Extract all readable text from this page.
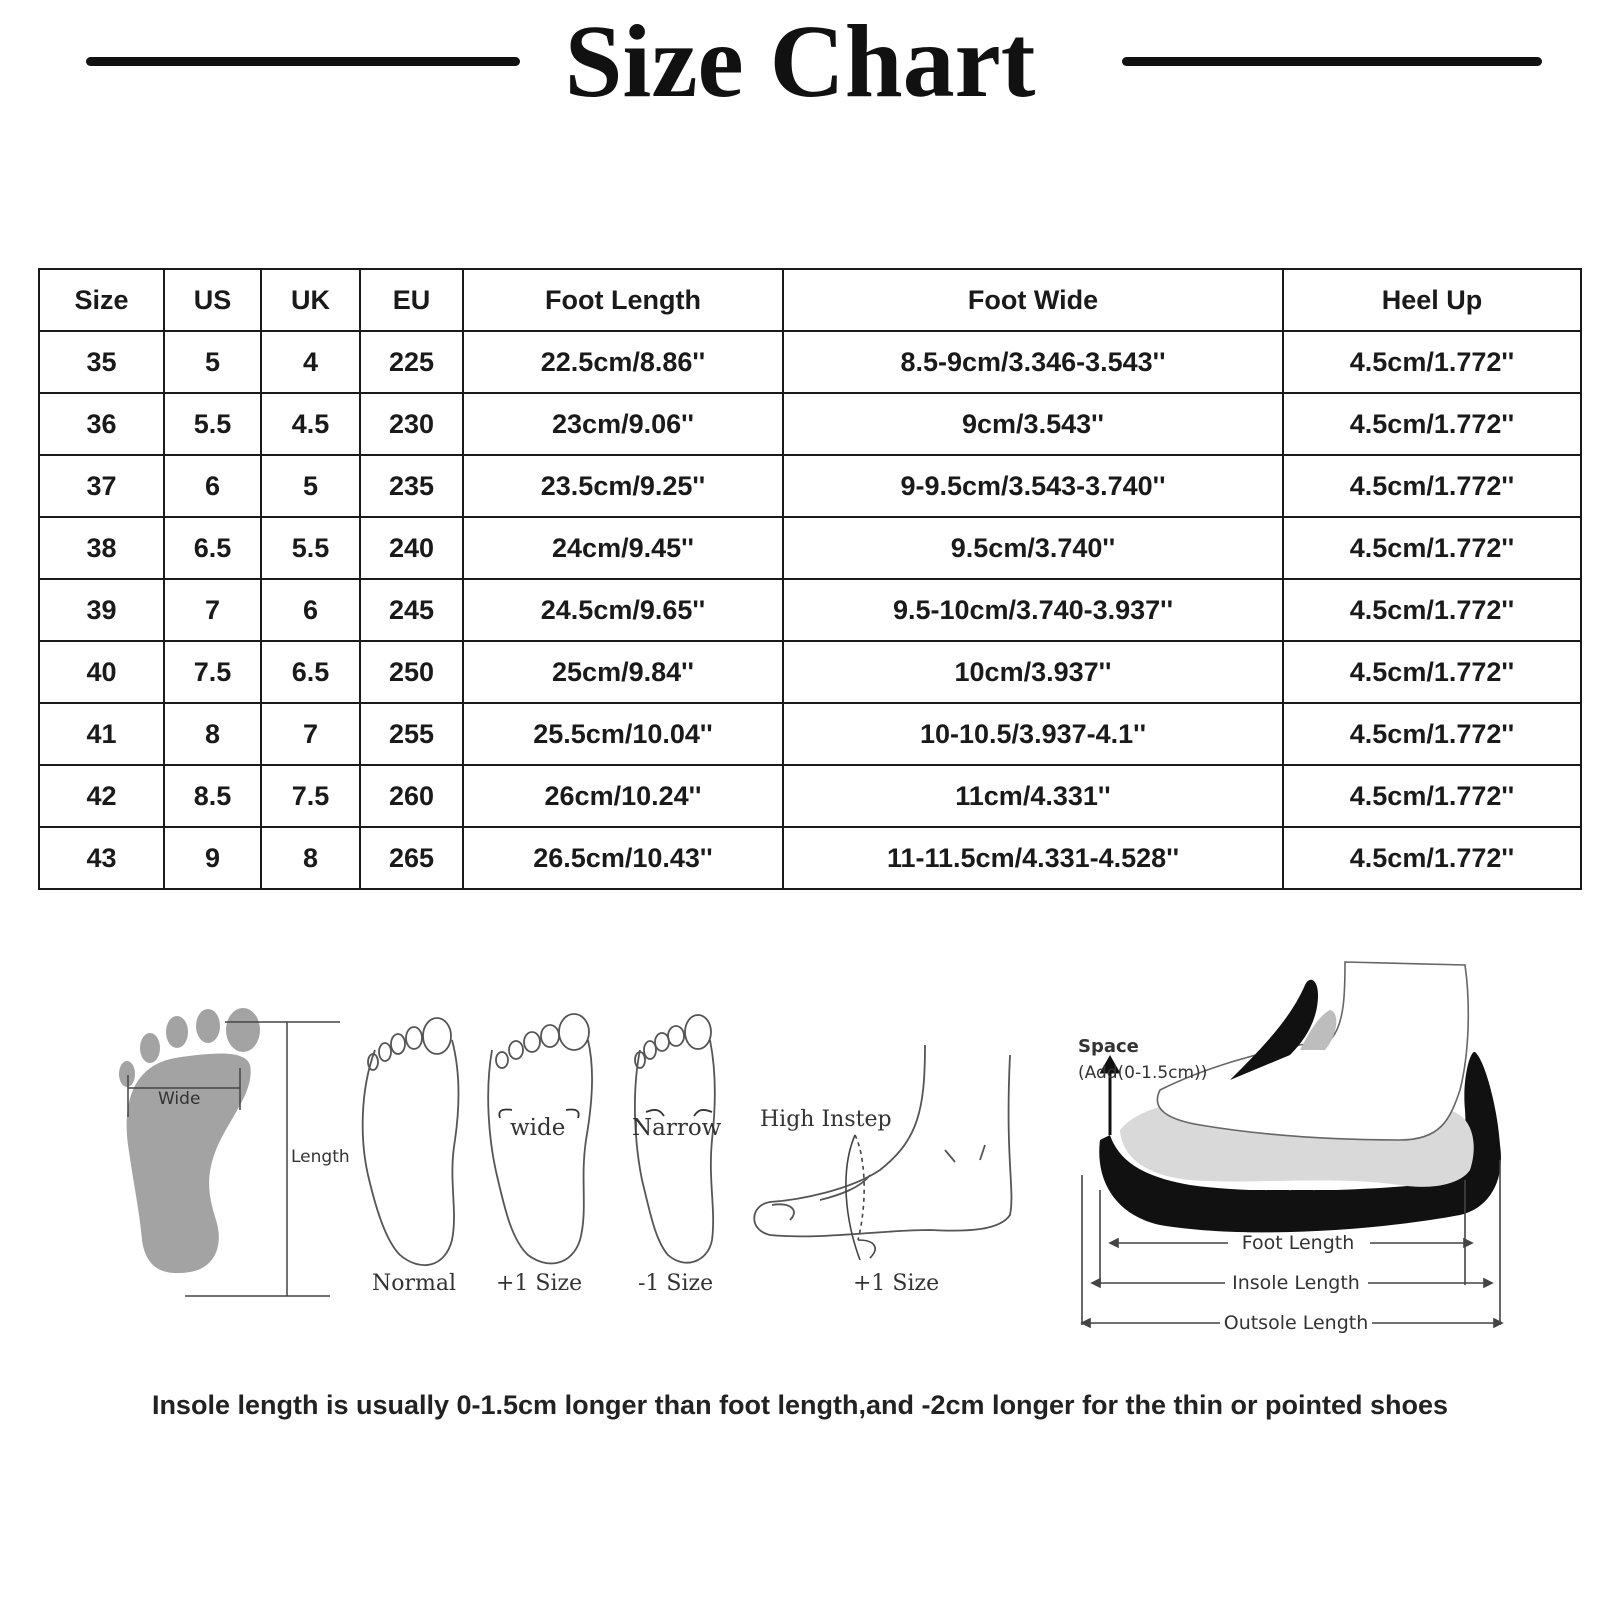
Size Chart
Size	US	UK	EU	Foot Length	Foot Wide	Heel Up
35	5	4	225	22.5cm/8.86''	8.5-9cm/3.346-3.543''	4.5cm/1.772''
36	5.5	4.5	230	23cm/9.06''	9cm/3.543''	4.5cm/1.772''
37	6	5	235	23.5cm/9.25''	9-9.5cm/3.543-3.740''	4.5cm/1.772''
38	6.5	5.5	240	24cm/9.45''	9.5cm/3.740''	4.5cm/1.772''
39	7	6	245	24.5cm/9.65''	9.5-10cm/3.740-3.937''	4.5cm/1.772''
40	7.5	6.5	250	25cm/9.84''	10cm/3.937''	4.5cm/1.772''
41	8	7	255	25.5cm/10.04''	10-10.5/3.937-4.1''	4.5cm/1.772''
42	8.5	7.5	260	26cm/10.24''	11cm/4.331''	4.5cm/1.772''
43	9	8	265	26.5cm/10.43''	11-11.5cm/4.331-4.528''	4.5cm/1.772''
Wide
Length
Normal
wide
+1 Size
Narrow
-1 Size
High Instep
+1 Size
Space
(Add(0-1.5cm))
Foot Length
Insole Length
Outsole Length
Insole length is usually 0-1.5cm longer than foot length,and -2cm longer for the thin or pointed shoes
